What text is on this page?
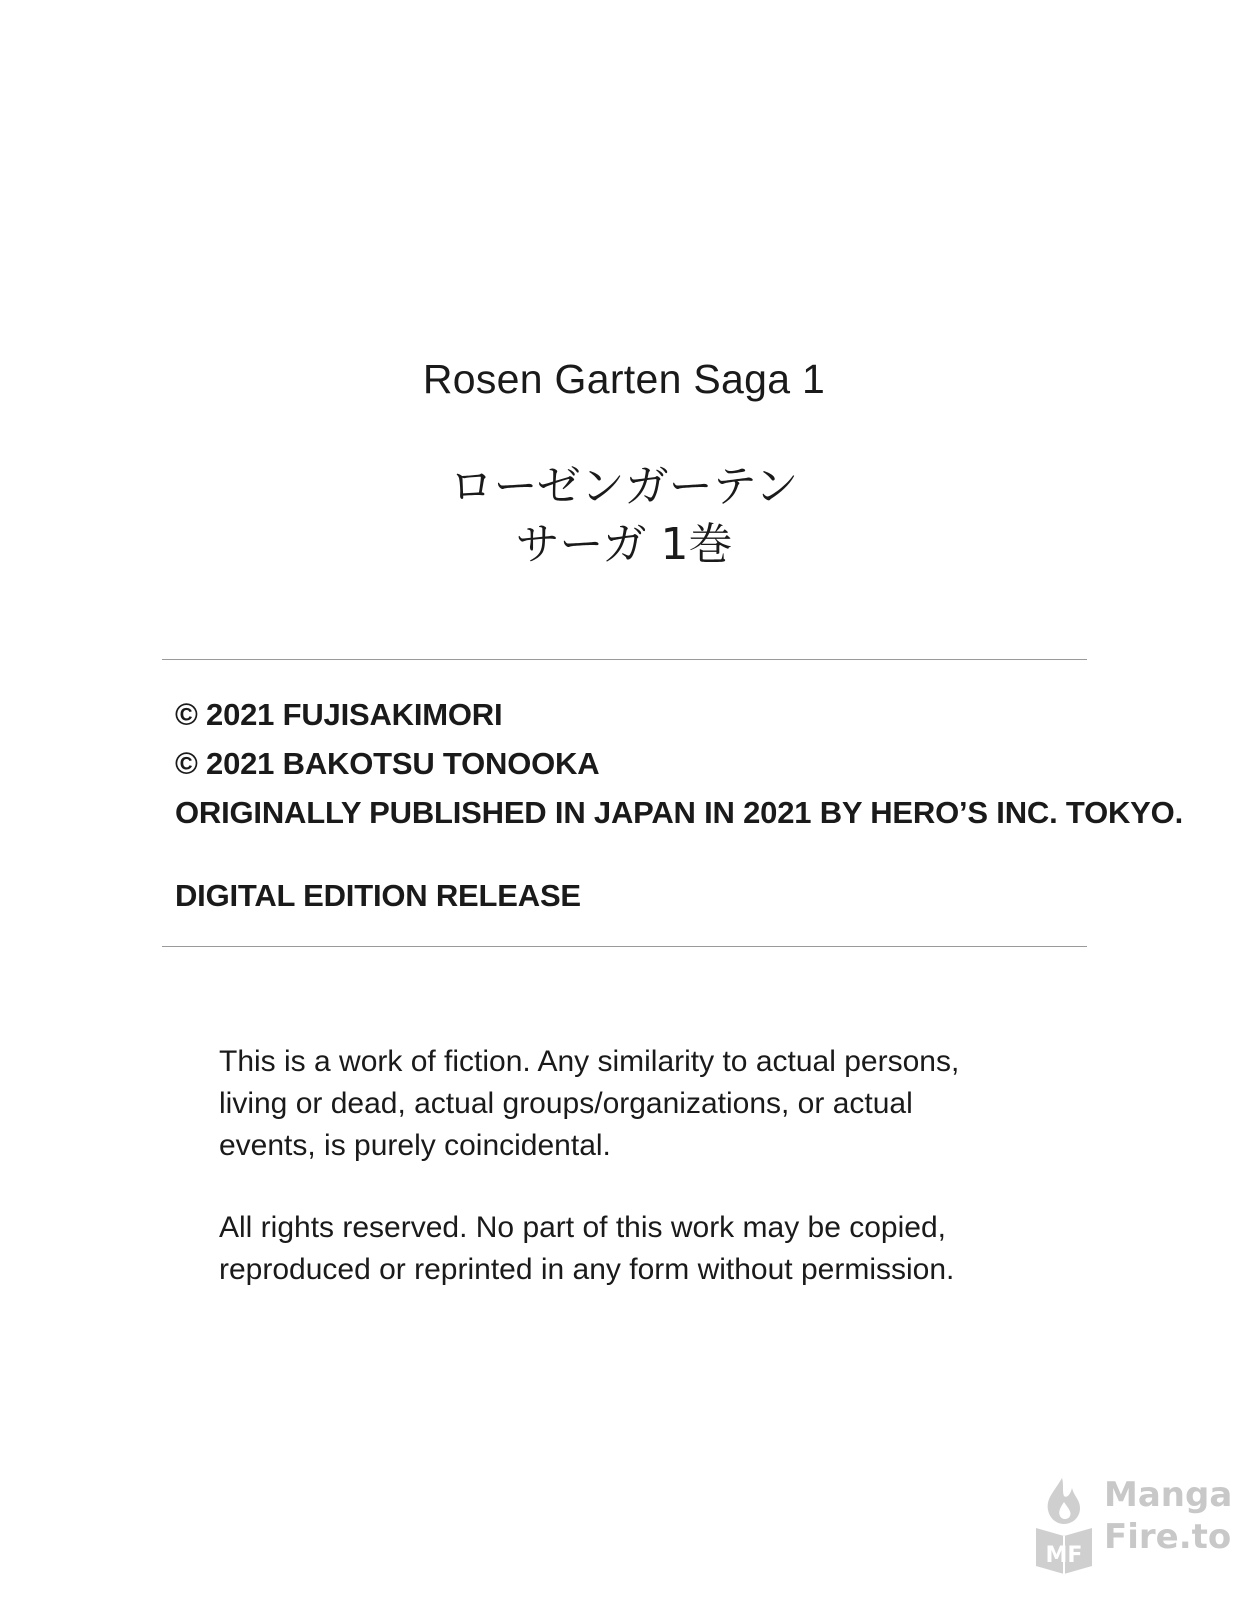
Rosen Garten Saga 1
ローゼンガーテン
サーガ 1巻
© 2021 FUJISAKIMORI
© 2021 BAKOTSU TONOOKA
ORIGINALLY PUBLISHED IN JAPAN IN 2021 BY HERO’S INC. TOKYO.
DIGITAL EDITION RELEASE

This is a work of fiction. Any similarity to actual persons,

living or dead, actual groups/organizations, or actual

events, is purely coincidental.

All rights reserved. No part of this work may be copied,

reproduced or reprinted in any form without permission.

MF
Manga
Fire.to
